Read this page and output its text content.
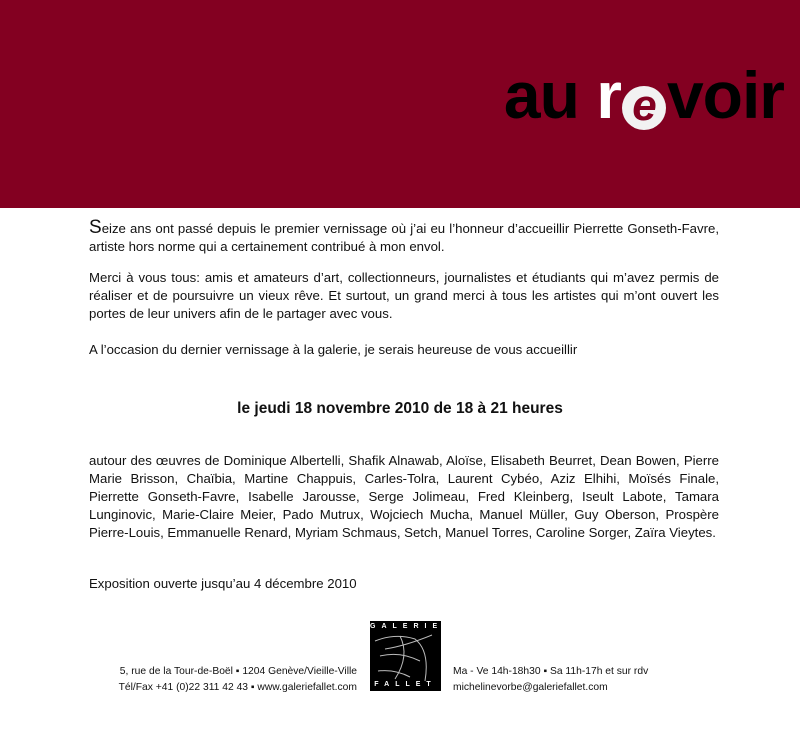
au r e voir
Seize ans ont passé depuis le premier vernissage où j’ai eu l’honneur d’accueillir Pierrette Gonseth-Favre, artiste hors norme qui a certainement contribué à mon envol.
Merci à vous tous: amis et amateurs d’art, collectionneurs, journalistes et étudiants qui m’avez permis de réaliser et de poursuivre un vieux rêve. Et surtout, un grand merci à tous les artistes qui m’ont ouvert les portes de leur univers afin de le partager avec vous.
A l’occasion du dernier vernissage à la galerie, je serais heureuse de vous accueillir
le jeudi 18 novembre 2010 de 18 à 21 heures
autour des œuvres de Dominique Albertelli, Shafik Alnawab, Aloïse, Elisabeth Beurret, Dean Bowen, Pierre Marie Brisson, Chaïbia, Martine Chappuis, Carles-Tolra, Laurent Cybéo, Aziz Elhihi, Moïsés Finale, Pierrette Gonseth-Favre, Isabelle Jarousse, Serge Jolimeau, Fred Kleinberg, Iseult Labote, Tamara Lunginovic, Marie-Claire Meier, Pado Mutrux, Wojciech Mucha, Manuel Müller, Guy Oberson, Prospère Pierre-Louis, Emmanuelle Renard, Myriam Schmaus, Setch, Manuel Torres, Caroline Sorger, Zaïra Vieytes.
Exposition ouverte jusqu’au 4 décembre 2010
5, rue de la Tour-de-Boël ▪ 1204 Genève/Vieille-Ville
Tél/Fax +41 (0)22 311 42 43 ▪ www.galeriefallet.com
GALERIE
FALLET
Ma - Ve 14h-18h30 ▪ Sa 11h-17h et sur rdv
michelinevorbe@galeriefallet.com
